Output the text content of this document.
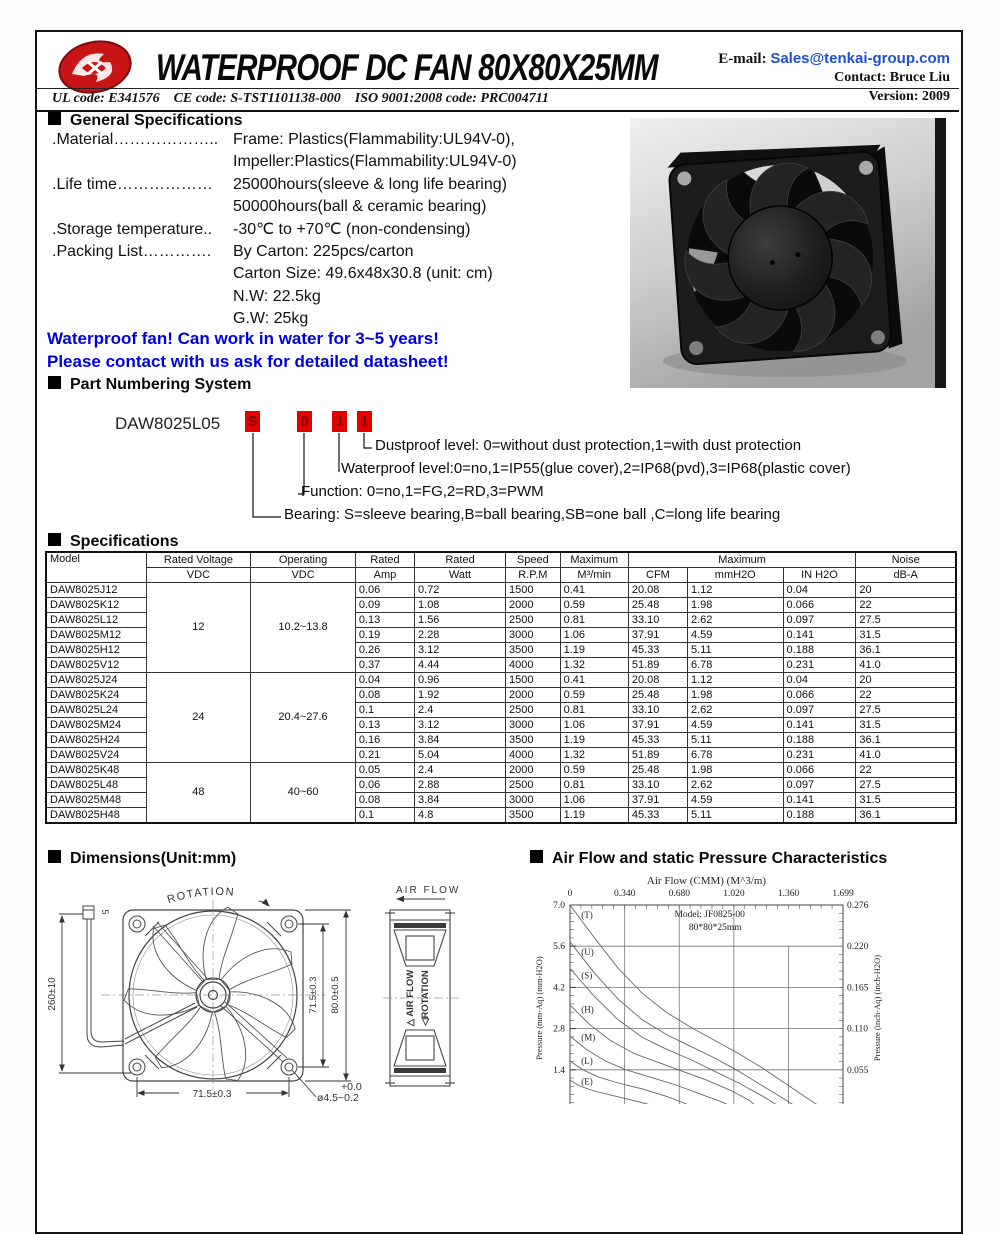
WATERPROOF DC FAN 80X80X25MM	E-mail: Sales@tenkai-group.com
Contact: Bruce Liu
Version: 2009
UL code: E341576    CE code: S-TST1101138-000    ISO 9001:2008 code: PRC004711
General Specifications
.Material……………….. Frame: Plastics(Flammability:UL94V-0),
Impeller:Plastics(Flammability:UL94V-0)
.Life time………………	25000hours(sleeve & long life bearing)
50000hours(ball & ceramic bearing)
.Storage temperature..	-30℃ to +70℃ (non-condensing)
.Packing List………….	By Carton: 225pcs/carton
Carton Size: 49.6x48x30.8 (unit: cm)
N.W: 22.5kg
G.W: 25kg
Waterproof fan! Can work in water for 3~5 years!
Please contact with us ask for detailed datasheet!
Part Numbering System
DAW8025L05 S	0 1 1
Dustproof level: 0=without dust protection,1=with dust protection
Waterproof level:0=no,1=IP55(glue cover),2=IP68(pvd),3=IP68(plastic cover)
Function: 0=no,1=FG,2=RD,3=PWM
Bearing: S=sleeve bearing,B=ball bearing,SB=one ball ,C=long life bearing
Specifications
Model	Rated Voltage	Operating	Rated	Rated	Speed	Maximum	Maximum			Noise
	VDC	VDC	Amp	Watt	R.P.M	M³/min	CFM	mmH2O	IN H2O	dB-A
DAW8025J12	12	10.2~13.8	0.06	0.72	1500	0.41	20.08	1.12	0.04	20
DAW8025K12			0.09	1.08	2000	0.59	25.48	1.98	0.066	22
DAW8025L12			0.13	1.56	2500	0.81	33.10	2.62	0.097	27.5
DAW8025M12			0.19	2.28	3000	1.06	37.91	4.59	0.141	31.5
DAW8025H12			0.26	3.12	3500	1.19	45.33	5.11	0.188	36.1
DAW8025V12			0.37	4.44	4000	1.32	51.89	6.78	0.231	41.0
DAW8025J24	24	20.4~27.6	0.04	0.96	1500	0.41	20.08	1.12	0.04	20
DAW8025K24			0.08	1.92	2000	0.59	25.48	1.98	0.066	22
DAW8025L24			0.1	2.4	2500	0.81	33.10	2.62	0.097	27.5
DAW8025M24			0.13	3.12	3000	1.06	37.91	4.59	0.141	31.5
DAW8025H24			0.16	3.84	3500	1.19	45.33	5.11	0.188	36.1
DAW8025V24			0.21	5.04	4000	1.32	51.89	6.78	0.231	41.0
DAW8025K48	48	40~60	0.05	2.4	2000	0.59	25.48	1.98	0.066	22
DAW8025L48			0.06	2.88	2500	0.81	33.10	2.62	0.097	27.5
DAW8025M48			0.08	3.84	3000	1.06	37.91	4.59	0.141	31.5
DAW8025H48			0.1	4.8	3500	1.19	45.33	5.11	0.188	36.1
Dimensions(Unit:mm)	Air Flow and static Pressure Characteristics
ROTATION
260±10
5
71.5±0.3 80.0±0.5
71.5±0.3
+0.0
ø4.5−0.2
AIR FLOW
△ AIR FLOW ◁ROTATION
Air Flow (CMM) (M^3/m)
0	0.340	0.680	1.020	1.360	1.699
7.0	0.276
5.6	0.220
4.2	0.165
2.8	0.110
1.4	0.055
Pressure (mm-Aq) (mm-H2O)	Pressure (inch-Aq) (inch-H2O)
Model: JF0825-00
80*80*25mm
(T)
(U)
(S)
(H)
(M)
(L)
(E)
